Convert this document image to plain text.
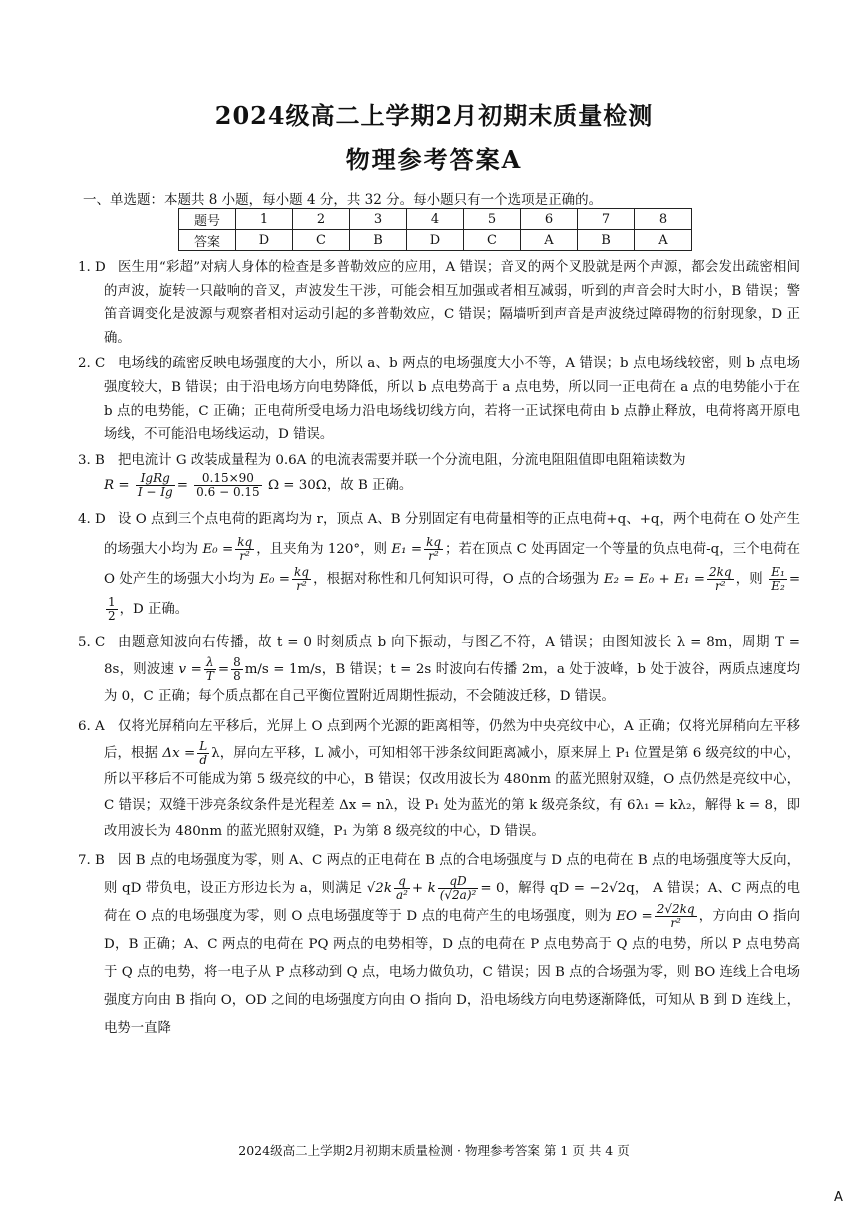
2024级高二上学期2月初期末质量检测
物理参考答案A
一、单选题：本题共 8 小题，每小题 4 分，共 32 分。每小题只有一个选项是正确的。
题号	1	2	3	4	5	6	7	8
答案	D	C	B	D	C	A	B	A

1. D 医生用“彩超”对病人身体的检查是多普勒效应的应用，A 错误；音叉的两个叉股就是两个声源，都会发出疏密相间的声波，旋转一只敲响的音叉，声波发生干涉，可能会相互加强或者相互减弱，听到的声音会时大时小，B 错误；警笛音调变化是波源与观察者相对运动引起的多普勒效应，C 错误；隔墙听到声音是声波绕过障碍物的衍射现象，D 正确。

2. C 电场线的疏密反映电场强度的大小，所以 a、b 两点的电场强度大小不等，A 错误；b 点电场线较密，则 b 点电场强度较大，B 错误；由于沿电场方向电势降低，所以 b 点电势高于 a 点电势，所以同一正电荷在 a 点的电势能小于在 b 点的电势能，C 正确；正电荷所受电场力沿电场线切线方向，若将一正试探电荷由 b 点静止释放，电荷将离开原电场线，不可能沿电场线运动，D 错误。

3. B 把电流计 G 改装成量程为 0.6A 的电流表需要并联一个分流电阻，分流电阻阻值即电阻箱读数为
$R = \frac{\text{IgRg}}{I - Ig} = \frac{0.15\times 90}{0.6 - 0.15}$ Ω = 30Ω，故 B 正确。

4. D 设 O 点到三个点电荷的距离均为 r，顶点 A、B 分别固定有电荷量相等的正点电荷+q、+q，两个电荷在 O 处产生的场强大小均为 $E_0 = \frac{kq}{\text{r²}}$ ，且夹角为 120°，则 $E_1 = \frac{kq}{\text{r²}}$ ；若在顶点 C 处再固定一个等量的负点电荷-q，三个电荷在 O 处产生的场强大小均为 $E_0 = \frac{kq}{\text{r²}}$ ，根据对称性和几何知识可得，O 点的合场强为 $E_2 = E_0 + E_1 = \frac{2kq}{\text{r²}}$ ，则 $\frac{\text{E₁}}{\text{E₂}}$ =
$\frac{1}{2}$ ，D 正确。

5. C 由题意知波向右传播，故 t = 0 时刻质点 b 向下振动，与图乙不符，A 错误；由图知波长 λ = 8m，周期 T = 8s，则波速 $v = \frac{\lambda}{T} = \frac{8}{8} m/s = 1m/s$，B 错误；t = 2s 时波向右传播 2m，a 处于波峰，b 处于波谷，两质点速度均为 0，C 正确；每个质点都在自己平衡位置附近周期性振动，不会随波迁移，D 错误。

6. A 仅将光屏稍向左平移后，光屏上 O 点到两个光源的距离相等，仍然为中央亮纹中心，A 正确；仅将光屏稍向左平移后，根据 $\Delta x = \frac{L}{d}$ λ，屏向左平移，L 减小，可知相邻干涉条纹间距离减小，原来屏上 P₁ 位置是第 6 级亮纹的中心，所以平移后不可能成为第 5 级亮纹的中心，B 错误；仅改用波长为 480nm 的蓝光照射双缝，O 点仍然是亮纹中心，C 错误；双缝干涉亮条纹条件是光程差 Δx = nλ，设 P₁ 处为蓝光的第 k 级亮条纹，有 6λ₁ = kλ₂，解得 k = 8，即改用波长为 480nm 的蓝光照射双缝，P₁ 为第 8 级亮纹的中心，D 错误。

7. B 因 B 点的电场强度为零，则 A、C 两点的正电荷在 B 点的合电场强度与 D 点的电荷在 B 点的电场强度等大反向，则 qD 带负电，设正方形边长为 a，则满足 $√2k \frac{q}{\text{a²}} + k \frac{qD}{\text{(√2a)²}} = 0$，解得 qD = −2√2q， A 错误；A、C 两点的电荷在 O 点的电场强度为零，则 O 点电场强度等于 D 点的电荷产生的电场强度，则为 EO = $\frac{2√2kq}{\text{r²}}$ ，方向由 O 指向 D，B 正确；A、C 两点的电荷在 PQ 两点的电势相等，D 点的电荷在 P 点电势高于 Q 点的电势，所以 P 点电势高于 Q 点的电势，将一电子从 P 点移动到 Q 点，电场力做负功，C 错误；因 B 点的合场强为零，则 BO 连线上合电场强度方向由 B 指向 O，OD 之间的电场强度方向由 O 指向 D，沿电场线方向电势逐渐降低，可知从 B 到 D 连线上，电势一直降

2024级高二上学期2月初期末质量检测 · 物理参考答案 第 1 页 共 4 页
A
